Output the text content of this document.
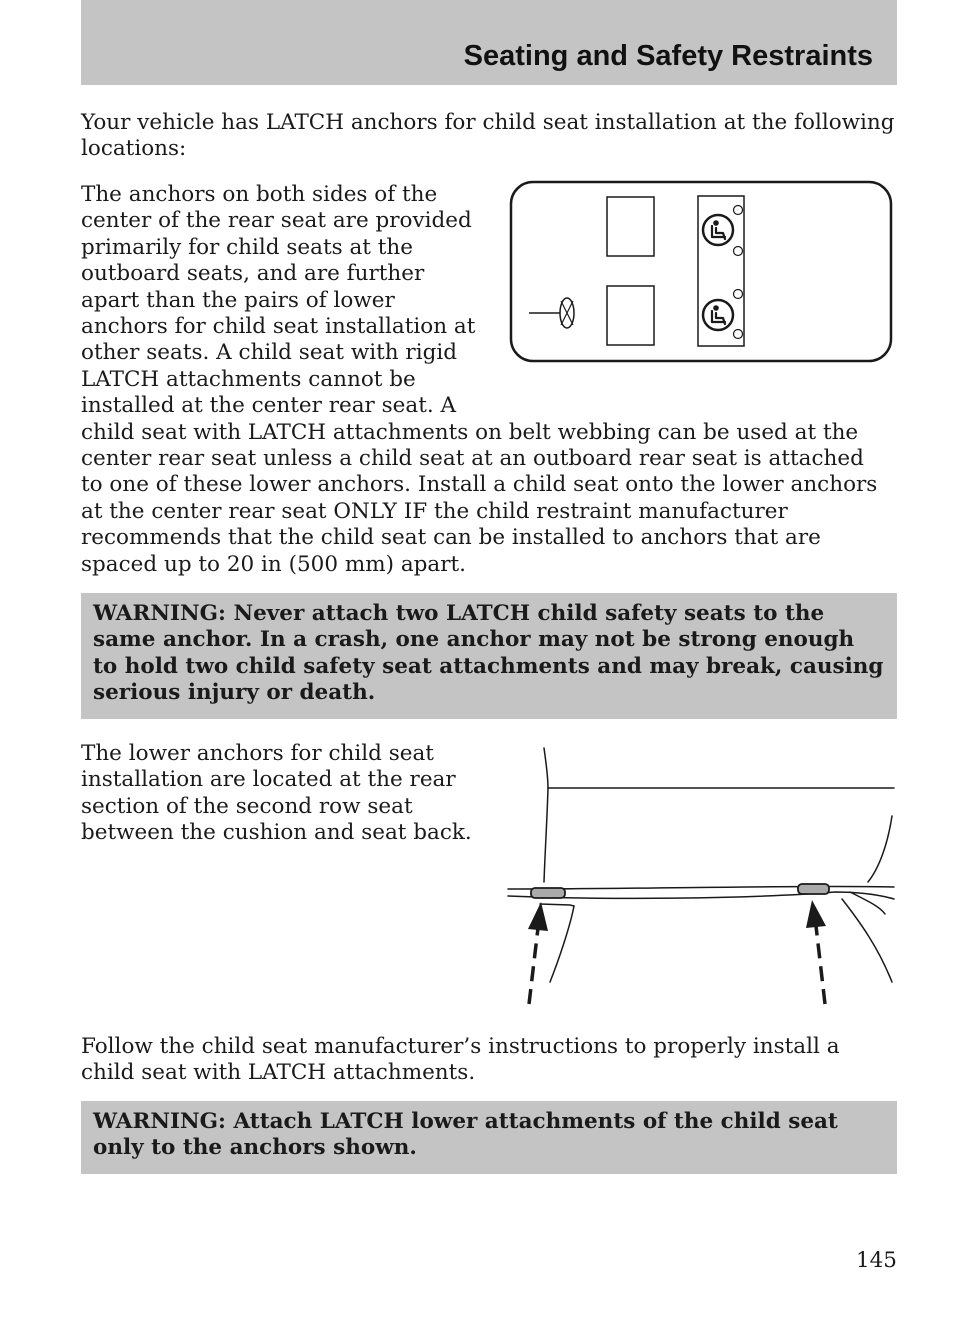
Seating and Safety Restraints

Your vehicle has LATCH anchors for child seat installation at the following locations:

The anchors on both sides of the
center of the rear seat are provided
primarily for child seats at the
outboard seats, and are further
apart than the pairs of lower
anchors for child seat installation at
other seats. A child seat with rigid
LATCH attachments cannot be
installed at the center rear seat. A
child seat with LATCH attachments on belt webbing can be used at the
center rear seat unless a child seat at an outboard rear seat is attached
to one of these lower anchors. Install a child seat onto the lower anchors
at the center rear seat ONLY IF the child restraint manufacturer
recommends that the child seat can be installed to anchors that are
spaced up to 20 in (500 mm) apart.

WARNING: Never attach two LATCH child safety seats to the same anchor. In a crash, one anchor may not be strong enough to hold two child safety seat attachments and may break, causing serious injury or death.

The lower anchors for child seat
installation are located at the rear
section of the second row seat
between the cushion and seat back.

Follow the child seat manufacturer’s instructions to properly install a child seat with LATCH attachments.

WARNING: Attach LATCH lower attachments of the child seat only to the anchors shown.

145
